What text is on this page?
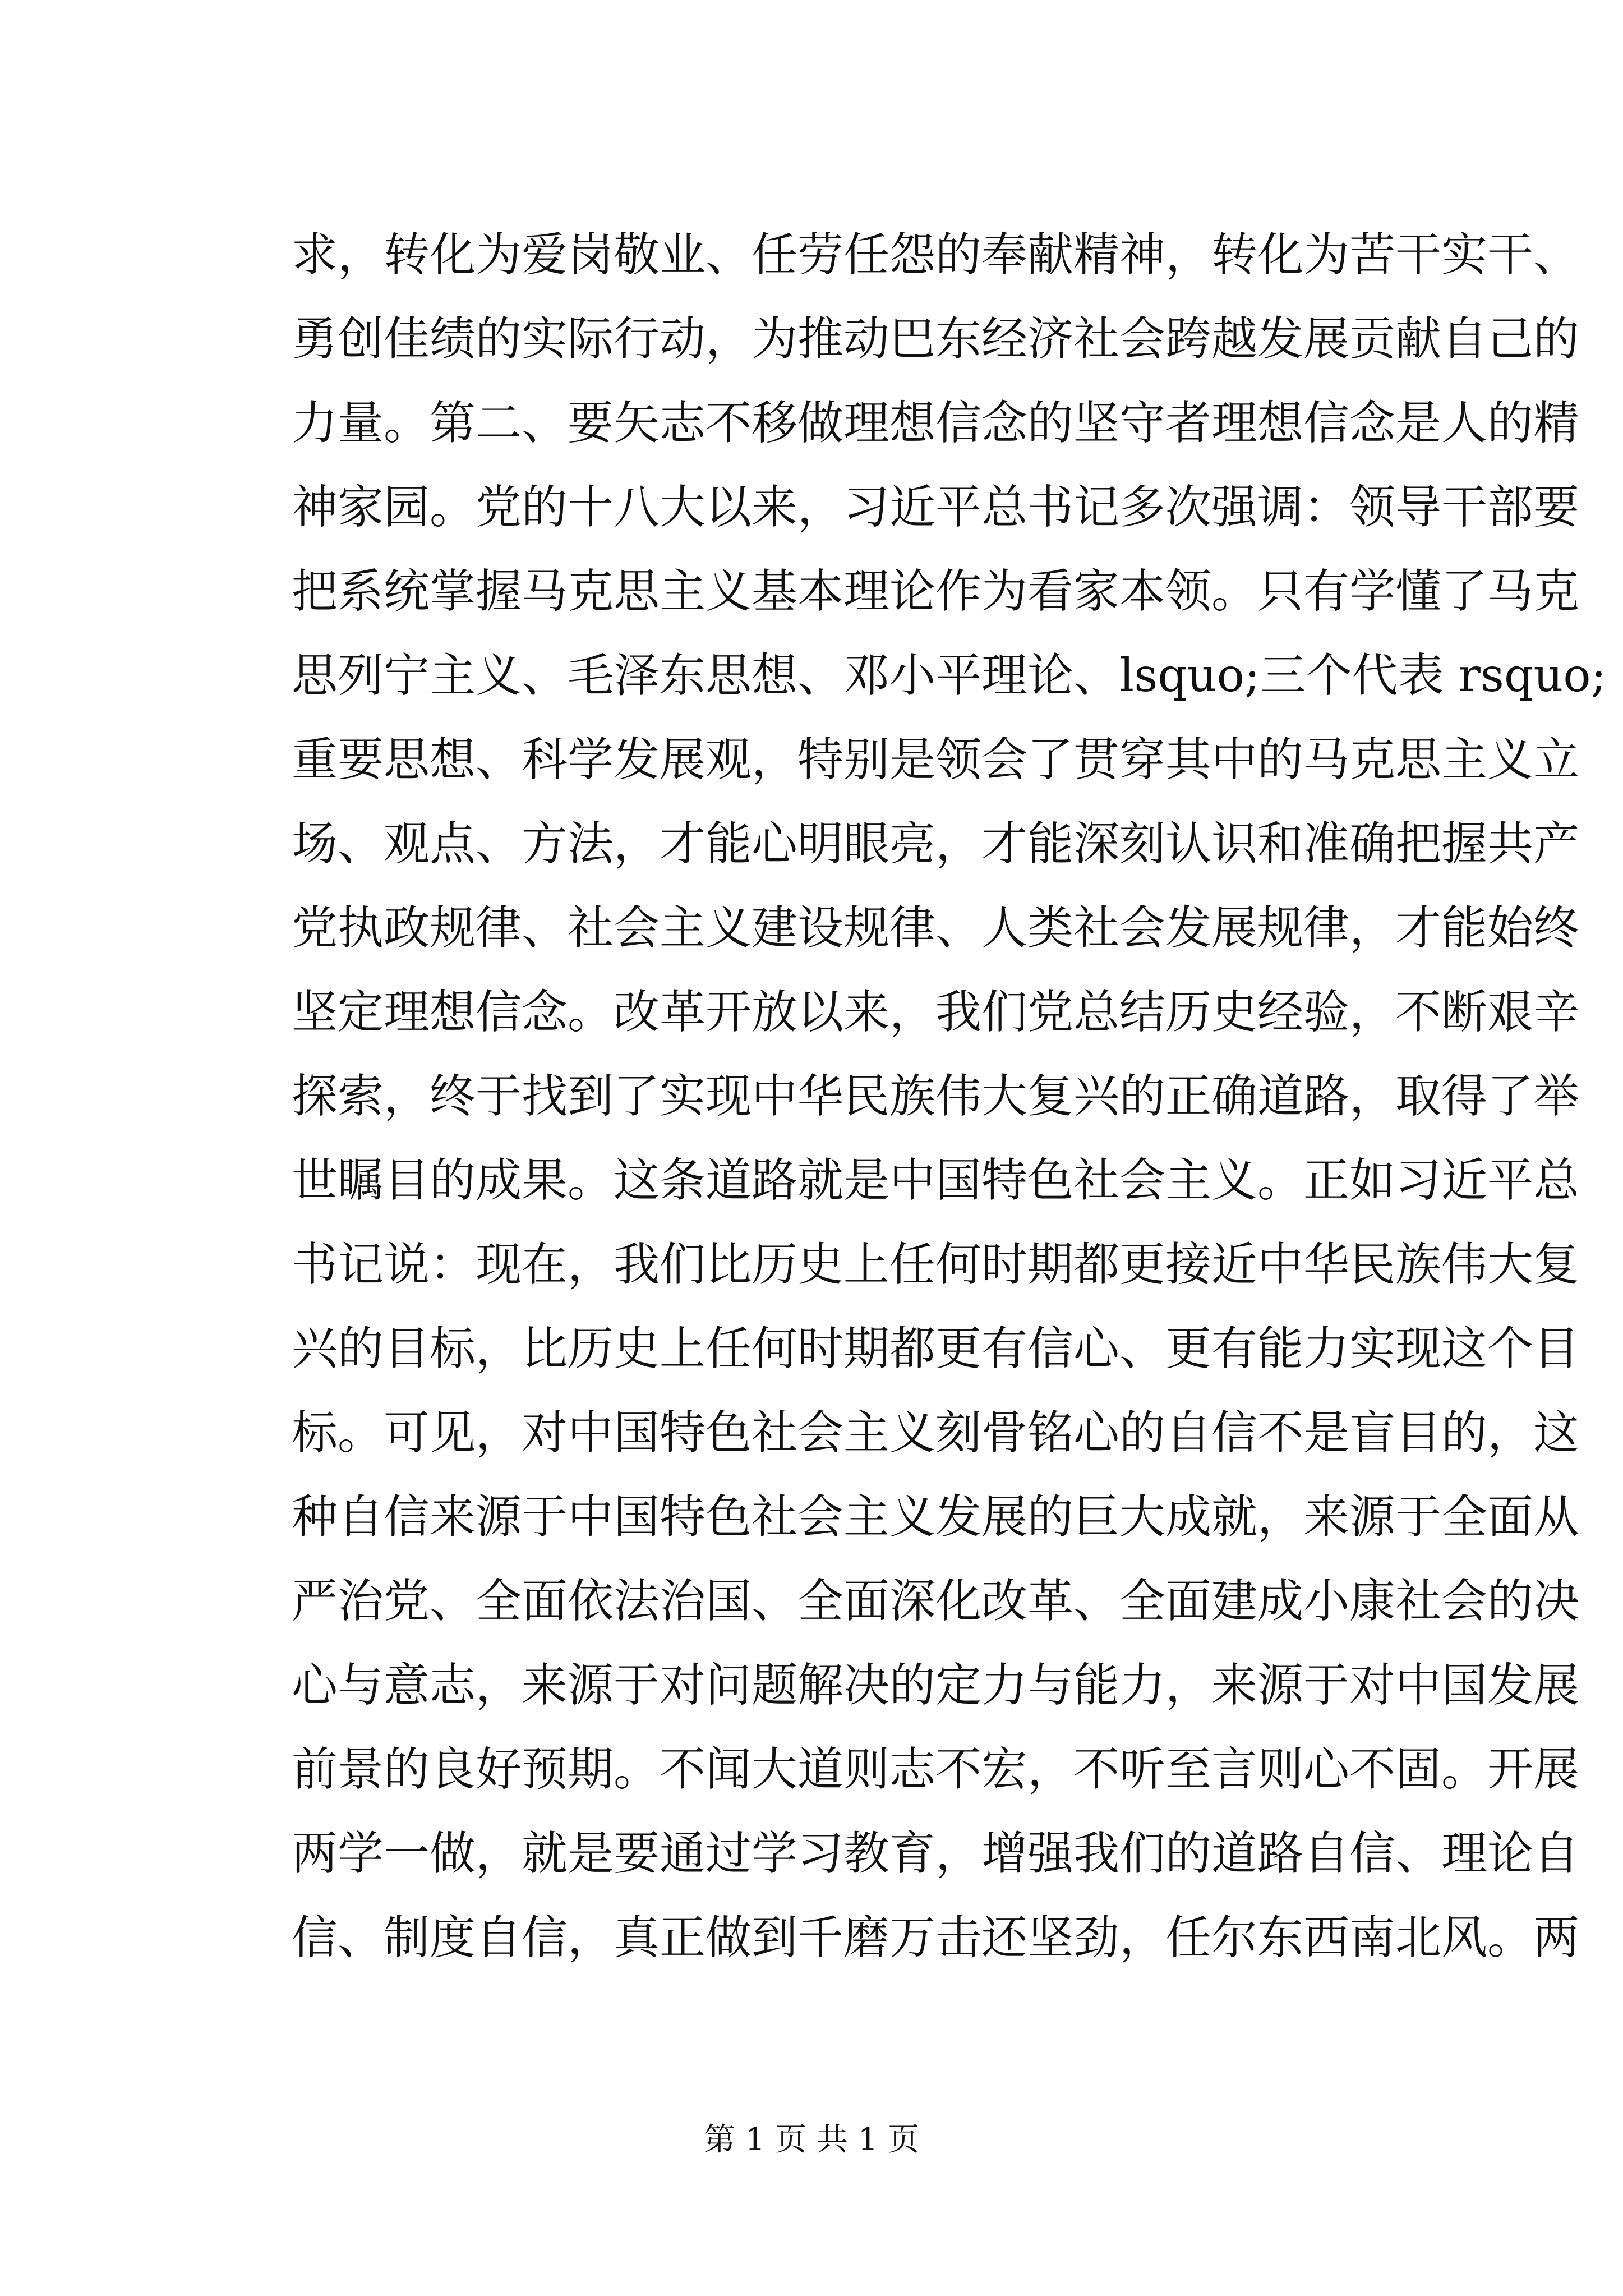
求，转化为爱岗敬业、任劳任怨的奉献精神，转化为苦干实干、
勇创佳绩的实际行动，为推动巴东经济社会跨越发展贡献自己的
力量。第二、要矢志不移做理想信念的坚守者理想信念是人的精
神家园。党的十八大以来，习近平总书记多次强调：领导干部要
把系统掌握马克思主义基本理论作为看家本领。只有学懂了马克
思列宁主义、毛泽东思想、邓小平理论、lsquo;三个代表 rsquo;
重要思想、科学发展观，特别是领会了贯穿其中的马克思主义立
场、观点、方法，才能心明眼亮，才能深刻认识和准确把握共产
党执政规律、社会主义建设规律、人类社会发展规律，才能始终
坚定理想信念。改革开放以来，我们党总结历史经验，不断艰辛
探索，终于找到了实现中华民族伟大复兴的正确道路，取得了举
世瞩目的成果。这条道路就是中国特色社会主义。正如习近平总
书记说：现在，我们比历史上任何时期都更接近中华民族伟大复
兴的目标，比历史上任何时期都更有信心、更有能力实现这个目
标。可见，对中国特色社会主义刻骨铭心的自信不是盲目的，这
种自信来源于中国特色社会主义发展的巨大成就，来源于全面从
严治党、全面依法治国、全面深化改革、全面建成小康社会的决
心与意志，来源于对问题解决的定力与能力，来源于对中国发展
前景的良好预期。不闻大道则志不宏，不听至言则心不固。开展
两学一做，就是要通过学习教育，增强我们的道路自信、理论自
信、制度自信，真正做到千磨万击还坚劲，任尔东西南北风。两
第 1 页 共 1 页
